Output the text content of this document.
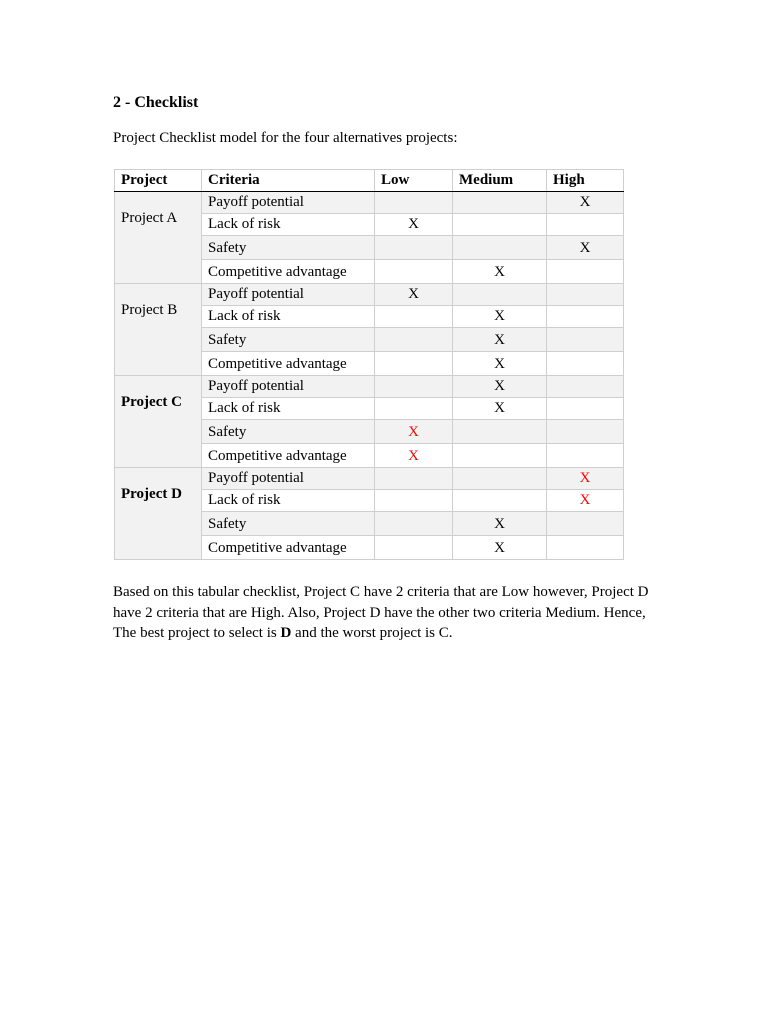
2 - Checklist
Project Checklist model for the four alternatives projects:
Project	Criteria	Low	Medium	High
Project A	Payoff potential			X
	Lack of risk	X		
	Safety			X
	Competitive advantage		X	
Project B	Payoff potential	X		
	Lack of risk		X	
	Safety		X	
	Competitive advantage		X	
Project C	Payoff potential		X	
	Lack of risk		X	
	Safety	X		
	Competitive advantage	X		
Project D	Payoff potential			X
	Lack of risk			X
	Safety		X	
	Competitive advantage		X	

Based on this tabular checklist, Project C have 2 criteria that are Low however, Project D have 2 criteria that are High. Also, Project D have the other two criteria Medium. Hence, The best project to select is D and the worst project is C.
